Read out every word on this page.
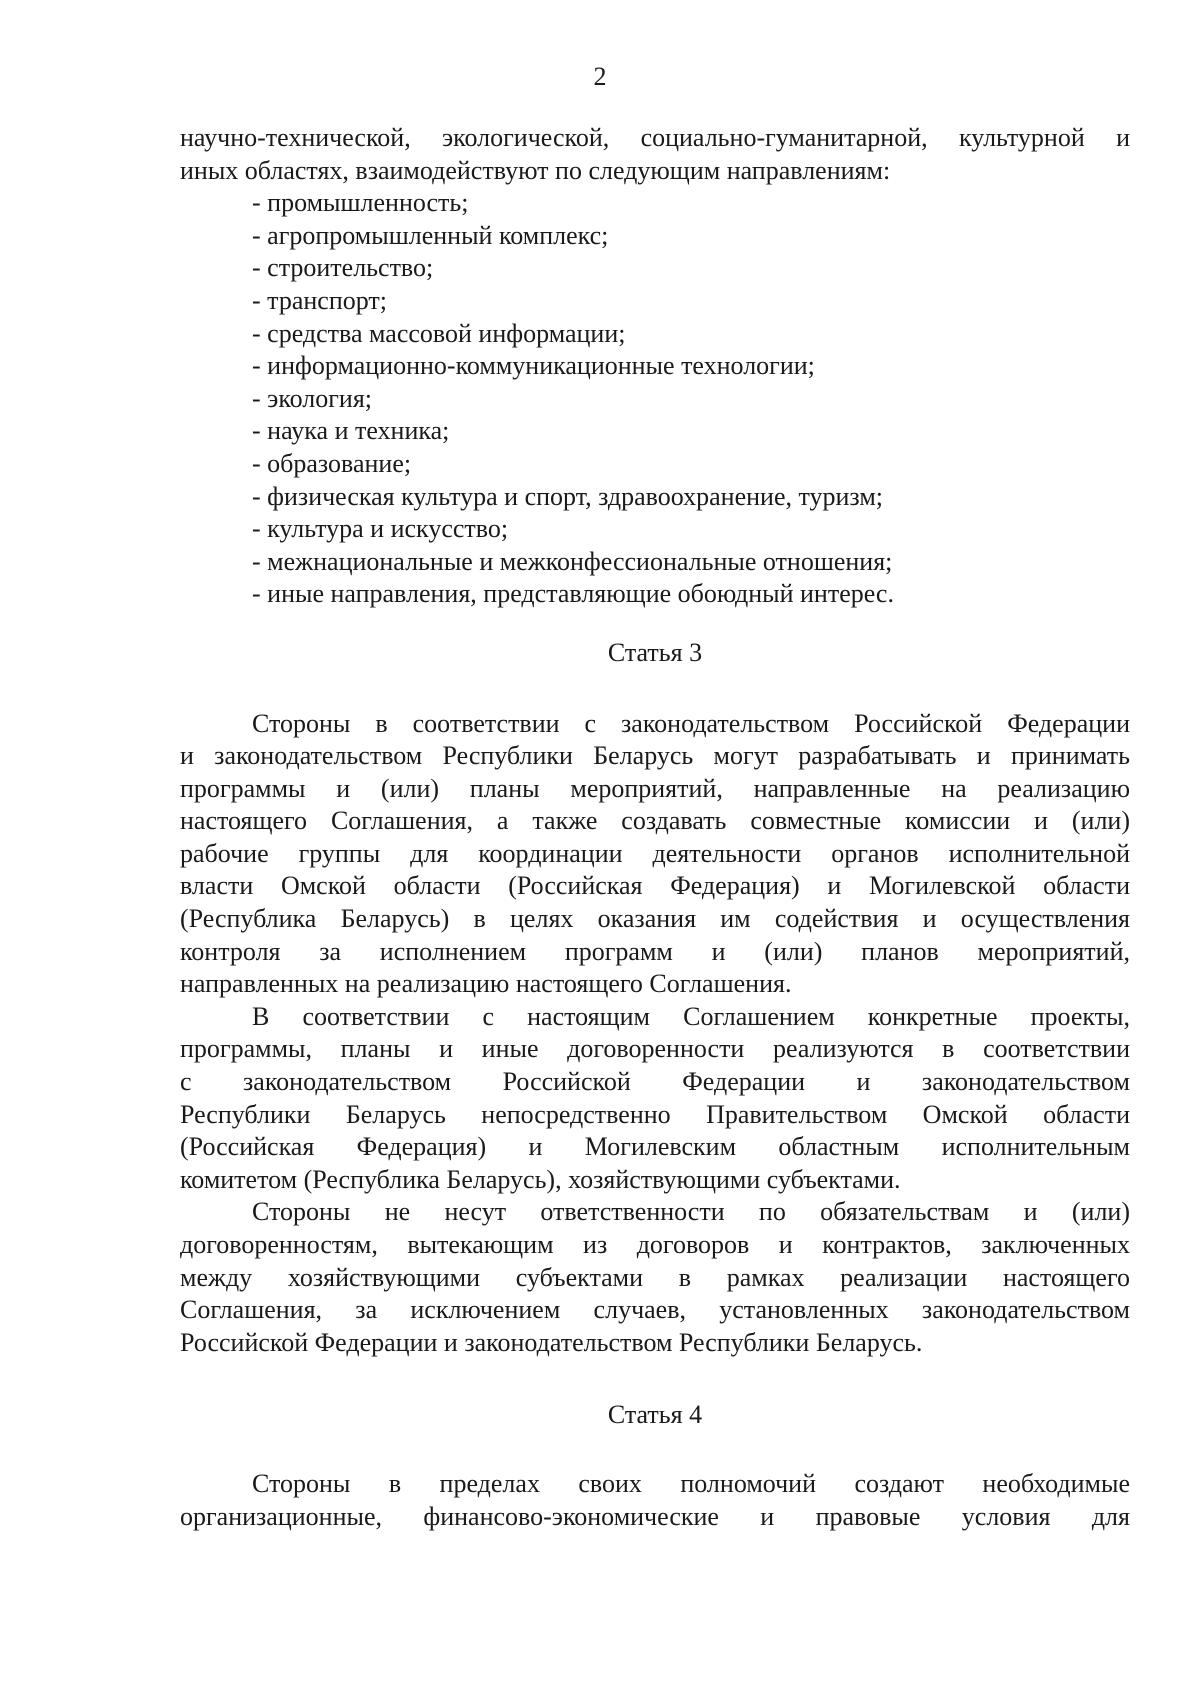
2
научно-технической, экологической, социально-гуманитарной, культурной и
иных областях, взаимодействуют по следующим направлениям:
- промышленность;
- агропромышленный комплекс;
- строительство;
- транспорт;
- средства массовой информации;
- информационно-коммуникационные технологии;
- экология;
- наука и техника;
- образование;
- физическая культура и спорт, здравоохранение, туризм;
- культура и искусство;
- межнациональные и межконфессиональные отношения;
- иные направления, представляющие обоюдный интерес.
Статья 3
Стороны в соответствии с законодательством Российской Федерации
и законодательством Республики Беларусь могут разрабатывать и принимать
программы и (или) планы мероприятий, направленные на реализацию
настоящего Соглашения, а также создавать совместные комиссии и (или)
рабочие группы для координации деятельности органов исполнительной
власти Омской области (Российская Федерация) и Могилевской области
(Республика Беларусь) в целях оказания им содействия и осуществления
контроля за исполнением программ и (или) планов мероприятий,
направленных на реализацию настоящего Соглашения.
В соответствии с настоящим Соглашением конкретные проекты,
программы, планы и иные договоренности реализуются в соответствии
с законодательством Российской Федерации и законодательством
Республики Беларусь непосредственно Правительством Омской области
(Российская Федерация) и Могилевским областным исполнительным
комитетом (Республика Беларусь), хозяйствующими субъектами.
Стороны не несут ответственности по обязательствам и (или)
договоренностям, вытекающим из договоров и контрактов, заключенных
между хозяйствующими субъектами в рамках реализации настоящего
Соглашения, за исключением случаев, установленных законодательством
Российской Федерации и законодательством Республики Беларусь.
Статья 4
Стороны в пределах своих полномочий создают необходимые
организационные, финансово-экономические и правовые условия для
